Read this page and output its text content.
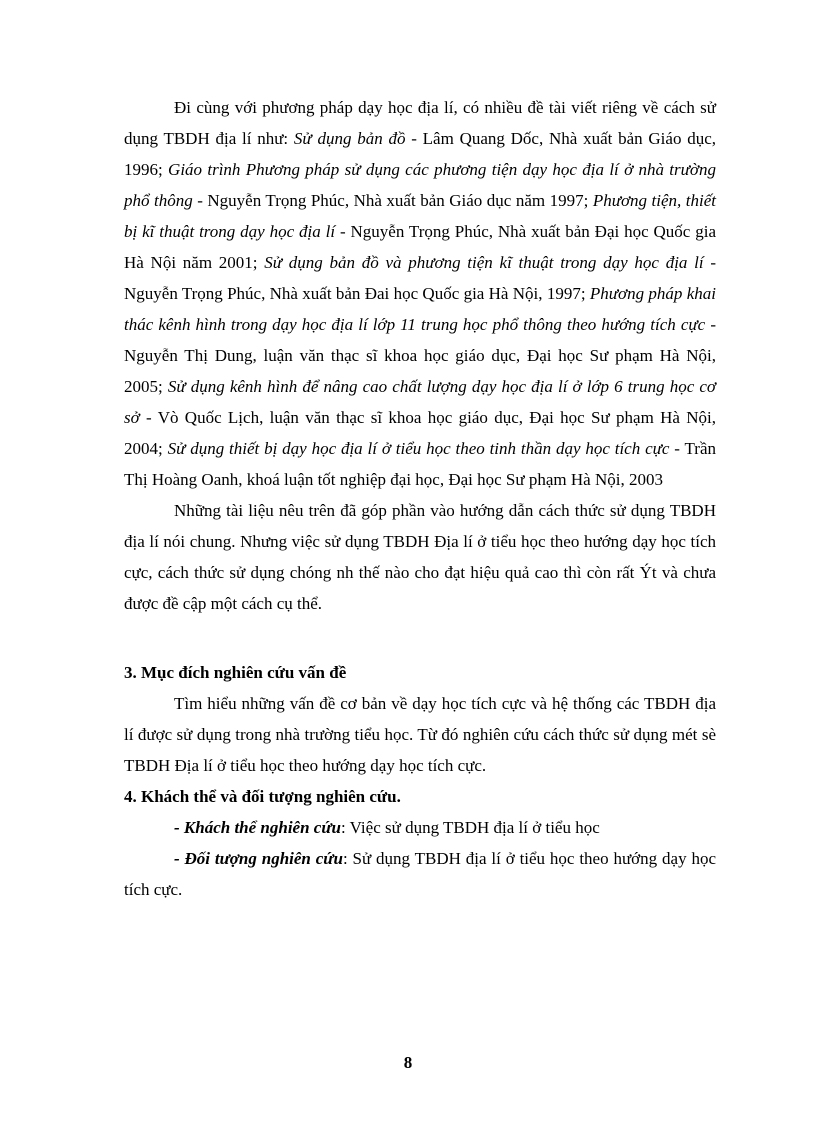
Đi cùng với phương pháp dạy học địa lí, có nhiều đề tài viết riêng về cách sử dụng TBDH địa lí như: Sử dụng bản đồ - Lâm Quang Dốc, Nhà xuất bản Giáo dục, 1996; Giáo trình Phương pháp sử dụng các phương tiện dạy học địa lí ở nhà trường phổ thông - Nguyễn Trọng Phúc, Nhà xuất bản Giáo dục năm 1997; Phương tiện, thiết bị kĩ thuật trong dạy học địa lí - Nguyễn Trọng Phúc, Nhà xuất bản Đại học Quốc gia Hà Nội năm 2001; Sử dụng bản đồ và phương tiện kĩ thuật trong dạy học địa lí - Nguyễn Trọng Phúc, Nhà xuất bản Đai học Quốc gia Hà Nội, 1997; Phương pháp khai thác kênh hình trong dạy học địa lí lớp 11 trung học phổ thông theo hướng tích cực - Nguyễn Thị Dung, luận văn thạc sĩ khoa học giáo dục, Đại học Sư phạm Hà Nội, 2005; Sử dụng kênh hình để nâng cao chất lượng dạy học địa lí ở lớp 6 trung học cơ sở - Vò Quốc Lịch, luận văn thạc sĩ khoa học giáo dục, Đại học Sư phạm Hà Nội, 2004; Sử dụng thiết bị dạy học địa lí ở tiểu học theo tinh thần dạy học tích cực - Trần Thị Hoàng Oanh, khoá luận tốt nghiệp đại học, Đại học Sư phạm Hà Nội, 2003

Những tài liệu nêu trên đã góp phần vào hướng dẫn cách thức sử dụng TBDH địa lí nói chung. Nhưng việc sử dụng TBDH Địa lí ở tiểu học theo hướng dạy học tích cực, cách thức sử dụng chóng nh thế nào cho đạt hiệu quả cao thì còn rất Ýt và chưa được đề cập một cách cụ thể.

3. Mục đích nghiên cứu vấn đề

Tìm hiểu những vấn đề cơ bản về dạy học tích cực và hệ thống các TBDH địa lí được sử dụng trong nhà trường tiểu học. Từ đó nghiên cứu cách thức sử dụng mét sè TBDH Địa lí ở tiểu học theo hướng dạy học tích cực.

4. Khách thể và đối tượng nghiên cứu.

- Khách thể nghiên cứu: Việc sử dụng TBDH địa lí ở tiểu học

- Đối tượng nghiên cứu: Sử dụng TBDH địa lí ở tiểu học theo hướng dạy học tích cực.

8
